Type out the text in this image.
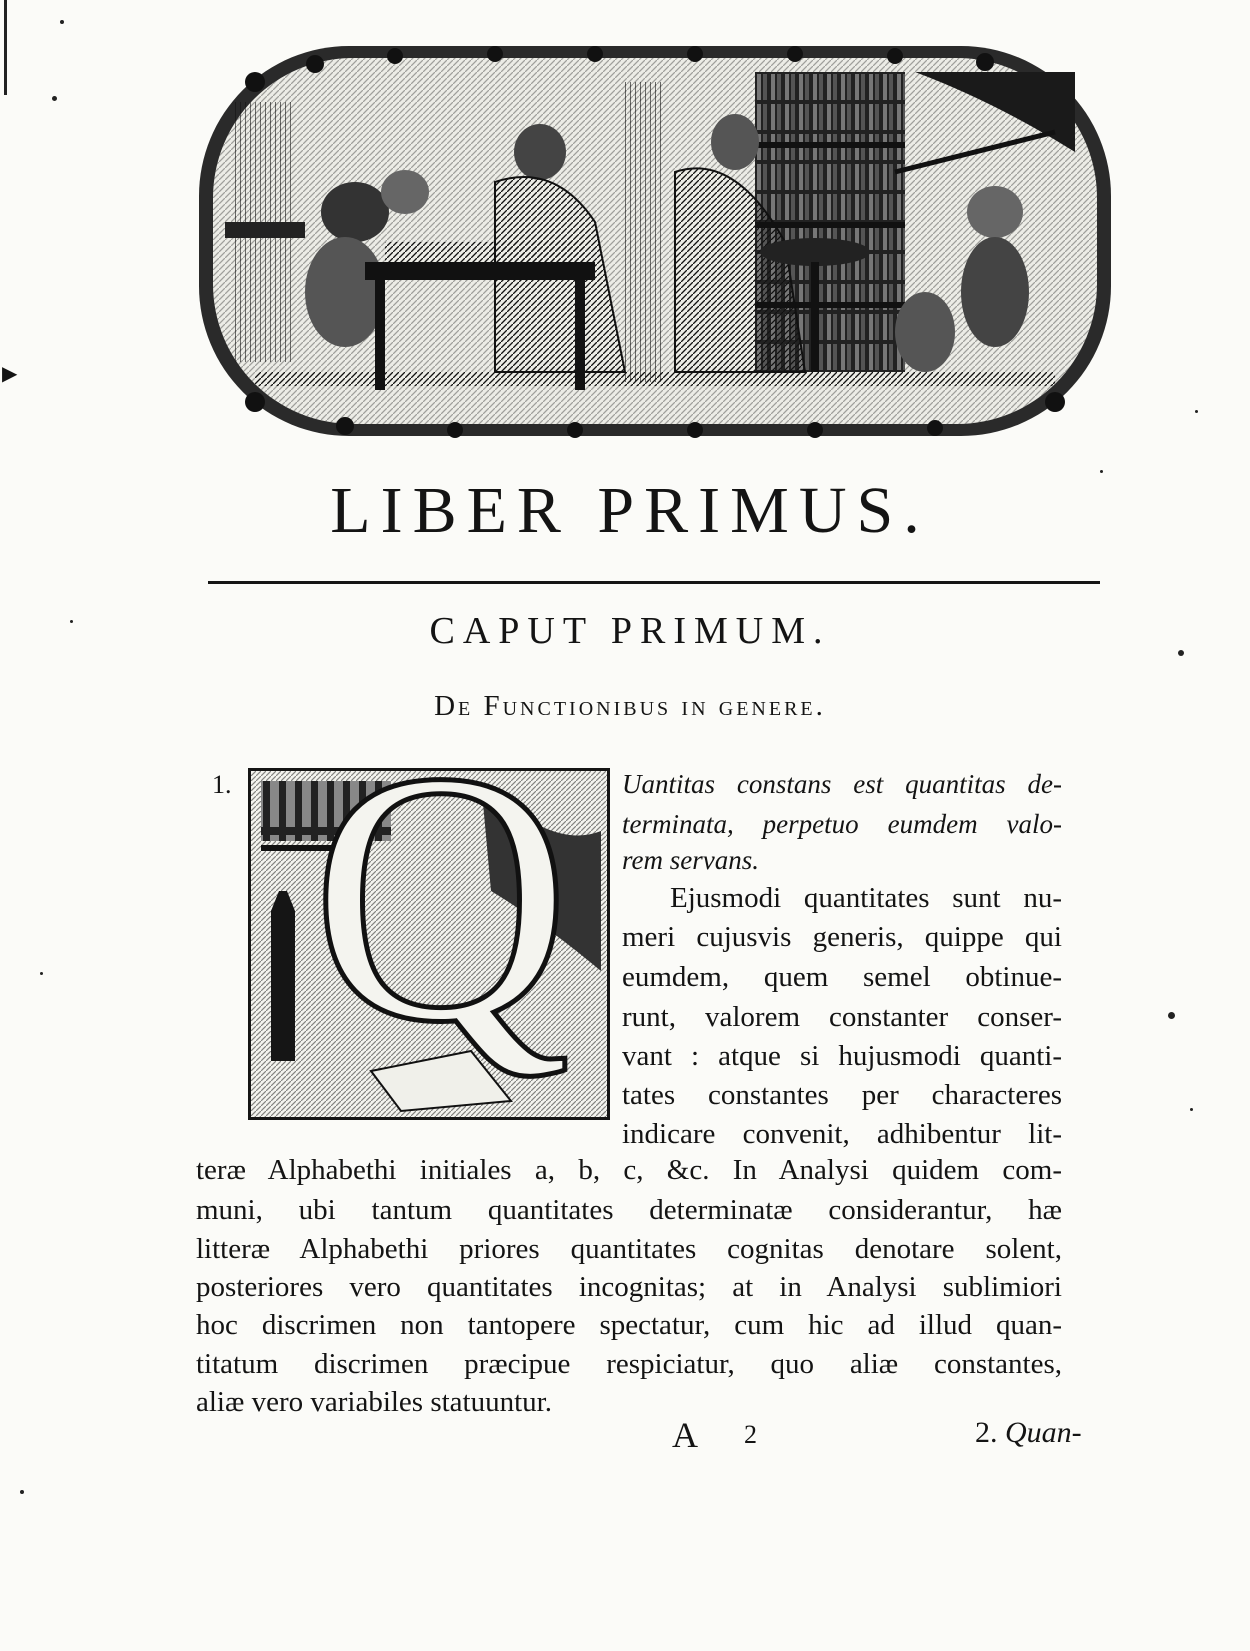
▶
LIBER PRIMUS.
CAPUT PRIMUM.
De Functionibus in genere.
1. Q	Uantitas constans est quantitas de-
terminata, perpetuo eumdem valo-
rem servans.
Ejusmodi quantitates sunt nu-
meri cujusvis generis, quippe qui
eumdem, quem semel obtinue-
runt, valorem constanter conser-
vant : atque si hujusmodi quanti-
tates constantes per characteres
indicare convenit, adhibentur lit-
teræ Alphabethi initiales a, b, c, &c. In Analysi quidem com-
muni, ubi tantum quantitates determinatæ considerantur, hæ
litteræ Alphabethi priores quantitates cognitas denotare solent,
posteriores vero quantitates incognitas; at in Analysi sublimiori
hoc discrimen non tantopere spectatur, cum hic ad illud quan-
titatum discrimen præcipue respiciatur, quo aliæ constantes,
aliæ vero variabiles statuuntur.
A 2	2. Quan-
